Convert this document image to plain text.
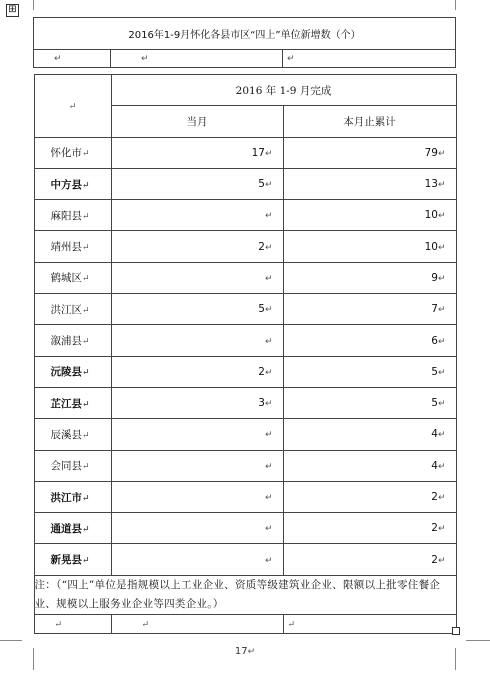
⊞
2016年1-9月怀化各县市区“四上”单位新增数（个）
↵	↵	↵

↵	2016 年 1-9 月完成
当月	本月止累计
怀化市↵	17↵	79↵
中方县↵	5↵	13↵
麻阳县↵	↵	10↵
靖州县↵	2↵	10↵
鹤城区↵	↵	9↵
洪江区↵	5↵	7↵
溆浦县↵	↵	6↵
沅陵县↵	2↵	5↵
芷江县↵	3↵	5↵
辰溪县↵	↵	4↵
会同县↵	↵	4↵
洪江市↵	↵	2↵
通道县↵	↵	2↵
新晃县↵	↵	2↵
注：（“四上”单位是指规模以上工业企业、资质等级建筑业企业、限额以上批零住餐企业、规模以上服务业企业等四类企业。）
↵	↵	↵
17↵
